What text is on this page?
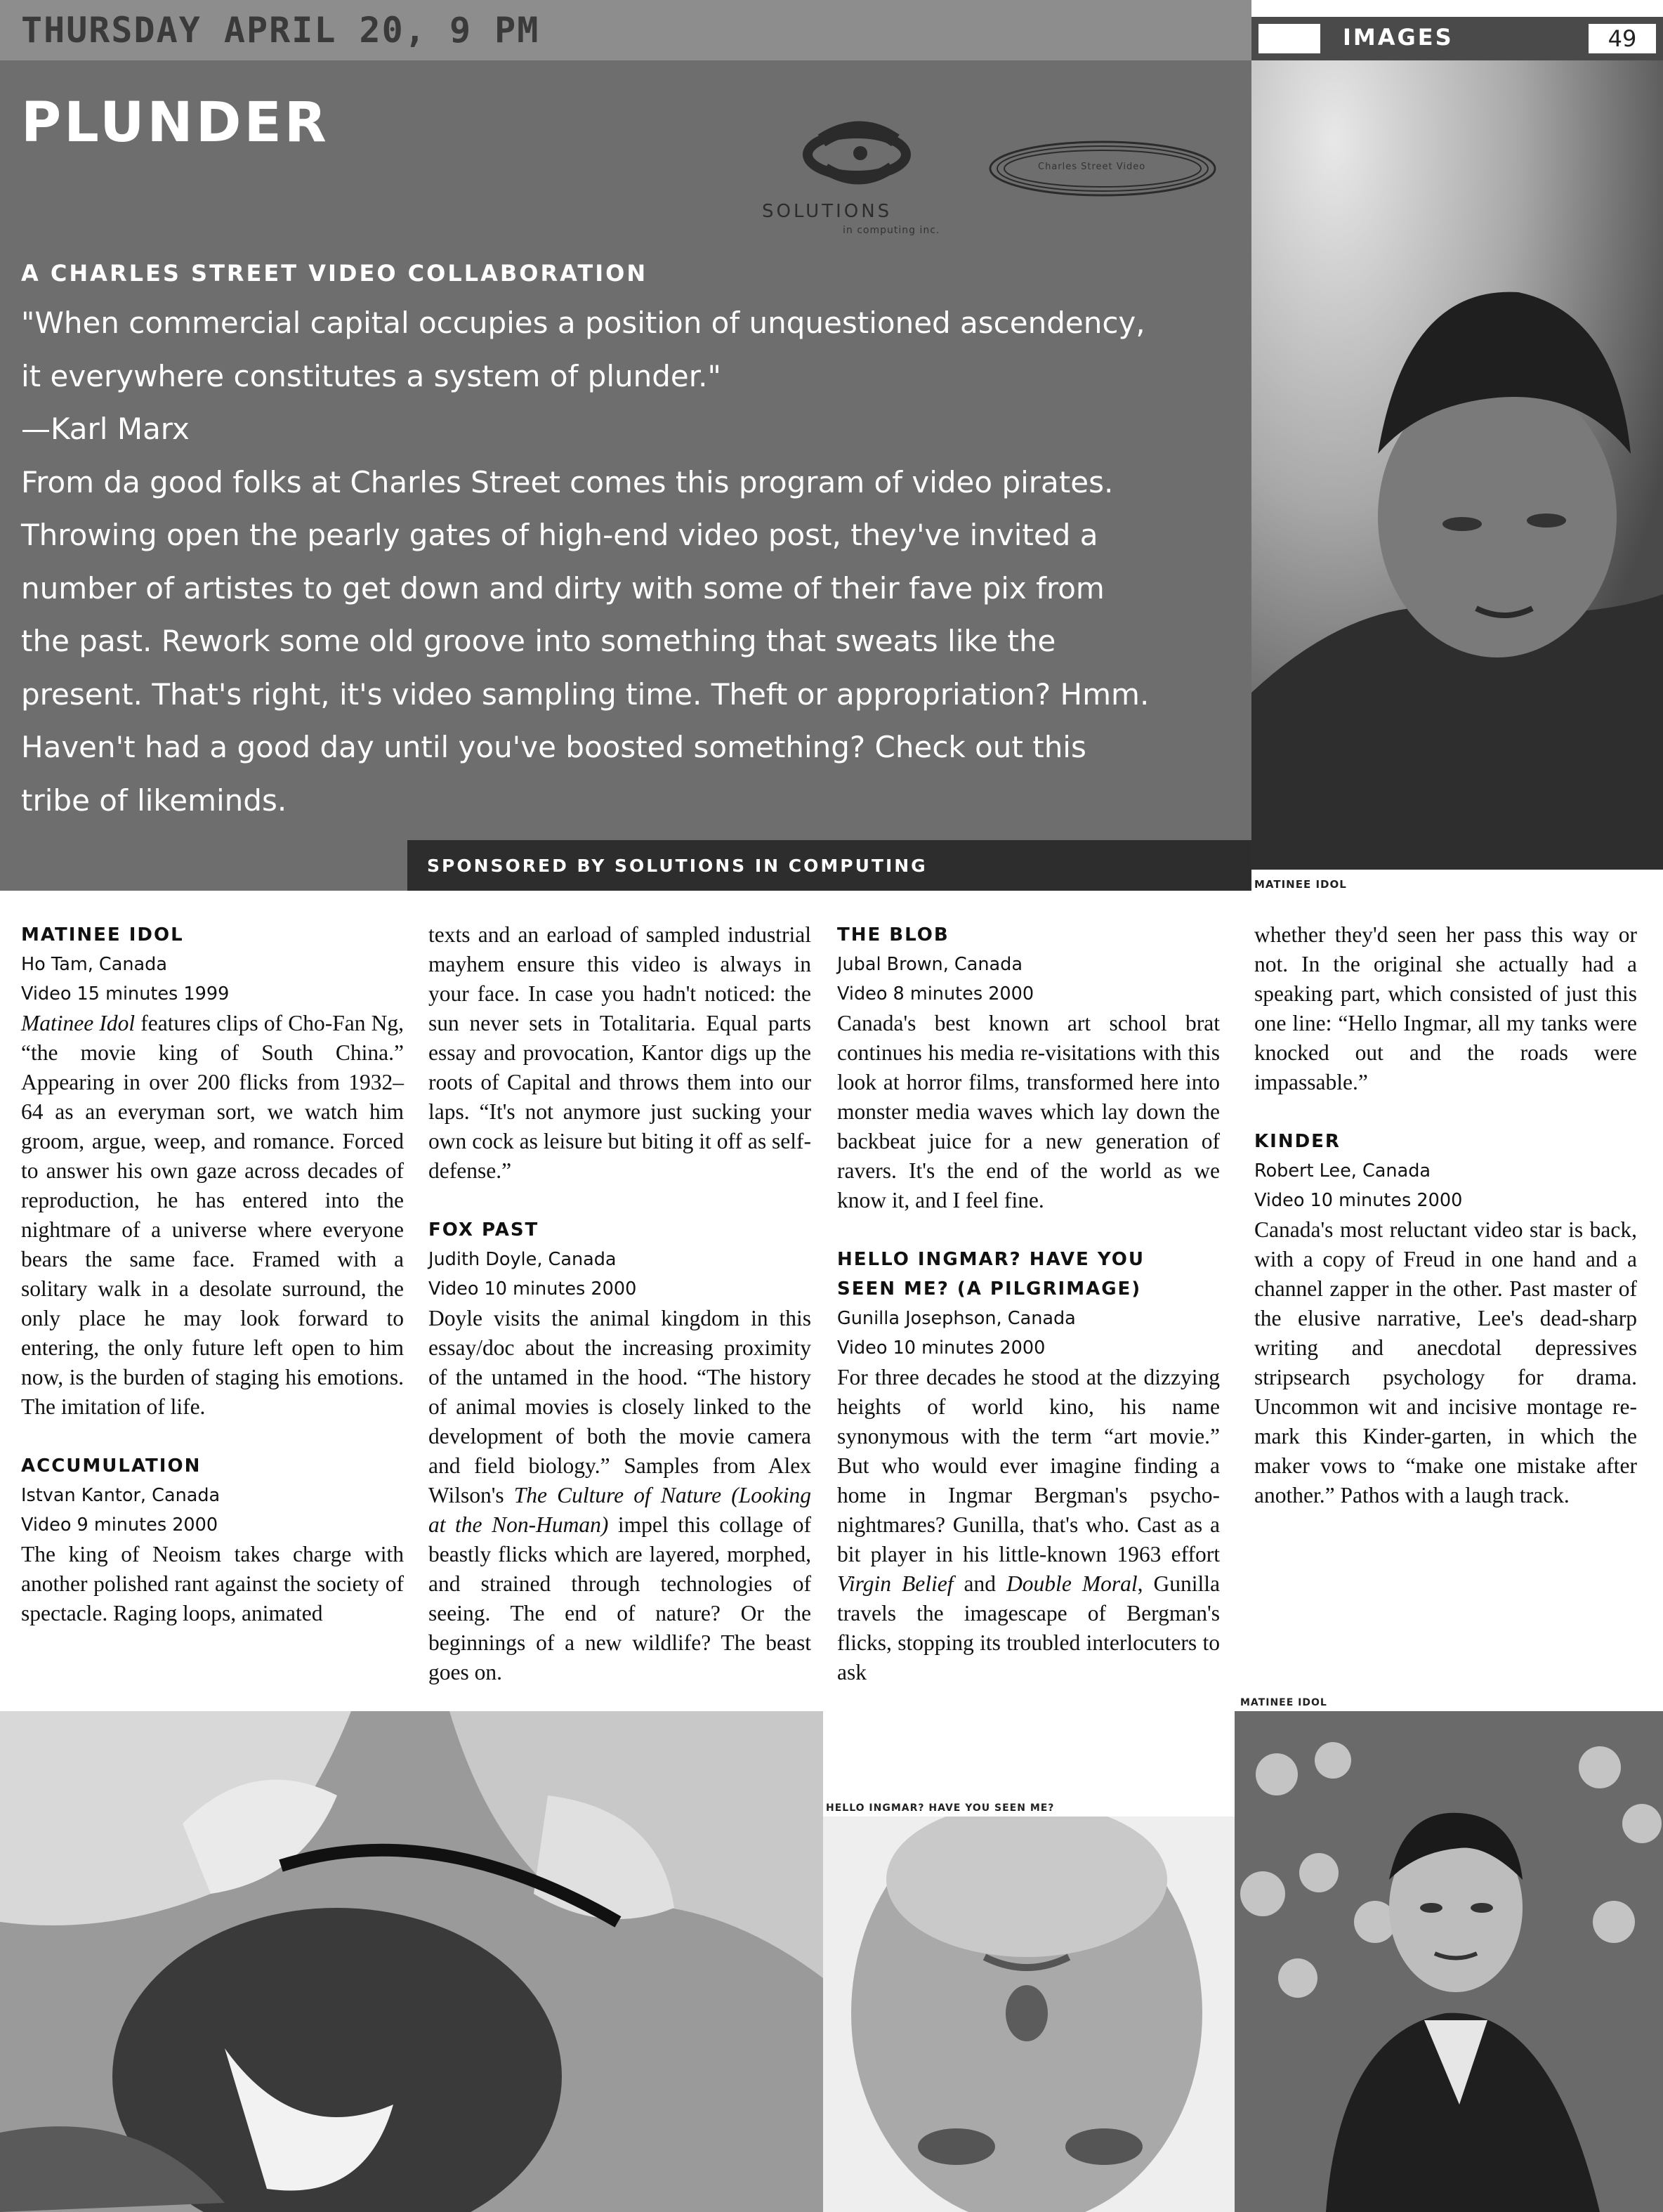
THURSDAY APRIL 20, 9 PM	IMAGES	49
PLUNDER
SOLUTIONS
in computing inc.
Charles Street Video
A CHARLES STREET VIDEO COLLABORATION

"When commercial capital occupies a position of unquestioned ascendency,

it everywhere constitutes a system of plunder."

—Karl Marx

From da good folks at Charles Street comes this program of video pirates. Throwing open the pearly gates of high-end video post, they've invited a number of artistes to get down and dirty with some of their fave pix from the past. Rework some old groove into something that sweats like the present. That's right, it's video sampling time. Theft or appropriation? Hmm. Haven't had a good day until you've boosted something? Check out this tribe of likeminds.

SPONSORED BY SOLUTIONS IN COMPUTING
MATINEE IDOL
MATINEE IDOL
Ho Tam, Canada
Video 15 minutes 1999

Matinee Idol features clips of Cho-Fan Ng, “the movie king of South China.” Appearing in over 200 flicks from 1932–64 as an everyman sort, we watch him groom, argue, weep, and romance. Forced to answer his own gaze across decades of reproduction, he has entered into the nightmare of a universe where everyone bears the same face. Framed with a solitary walk in a desolate surround, the only place he may look forward to entering, the only future left open to him now, is the burden of staging his emotions. The imitation of life.

ACCUMULATION
Istvan Kantor, Canada
Video 9 minutes 2000

The king of Neoism takes charge with another polished rant against the society of spectacle. Raging loops, animated

texts and an earload of sampled industrial mayhem ensure this video is always in your face. In case you hadn't noticed: the sun never sets in Totalitaria. Equal parts essay and provocation, Kantor digs up the roots of Capital and throws them into our laps. “It's not anymore just sucking your own cock as leisure but biting it off as self-defense.”

FOX PAST
Judith Doyle, Canada
Video 10 minutes 2000

Doyle visits the animal kingdom in this essay/doc about the increasing proximity of the untamed in the hood. “The history of animal movies is closely linked to the development of both the movie camera and field biology.” Samples from Alex Wilson's The Culture of Nature (Looking at the Non-Human) impel this collage of beastly flicks which are layered, morphed, and strained through technologies of seeing. The end of nature? Or the beginnings of a new wildlife? The beast goes on.

THE BLOB
Jubal Brown, Canada
Video 8 minutes 2000

Canada's best known art school brat continues his media re-visitations with this look at horror films, transformed here into monster media waves which lay down the backbeat juice for a new generation of ravers. It's the end of the world as we know it, and I feel fine.

HELLO INGMAR? HAVE YOU
SEEN ME? (A PILGRIMAGE)
Gunilla Josephson, Canada
Video 10 minutes 2000

For three decades he stood at the dizzying heights of world kino, his name synonymous with the term “art movie.” But who would ever imagine finding a home in Ingmar Bergman's psycho-nightmares? Gunilla, that's who. Cast as a bit player in his little-known 1963 effort Virgin Belief and Double Moral, Gunilla travels the imagescape of Bergman's flicks, stopping its troubled interlocuters to ask

whether they'd seen her pass this way or not. In the original she actually had a speaking part, which consisted of just this one line: “Hello Ingmar, all my tanks were knocked out and the roads were impassable.”

KINDER
Robert Lee, Canada
Video 10 minutes 2000

Canada's most reluctant video star is back, with a copy of Freud in one hand and a channel zapper in the other. Past master of the elusive narrative, Lee's dead-sharp writing and anecdotal depressives stripsearch psychology for drama. Uncommon wit and incisive montage re-mark this Kinder-garten, in which the maker vows to “make one mistake after another.” Pathos with a laugh track.

HELLO INGMAR? HAVE YOU SEEN ME?
MATINEE IDOL
